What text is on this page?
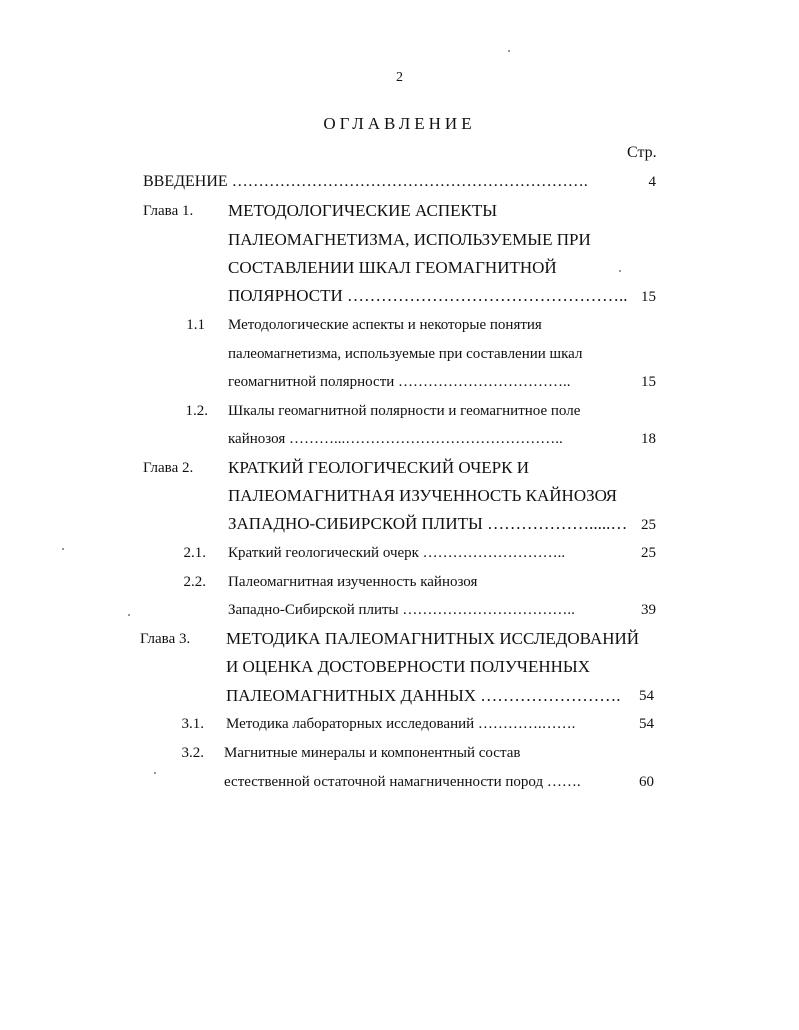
2
ОГЛАВЛЕНИЕ
Стр.
ВВЕДЕНИЕ ………………………………………………………….	4
Глава 1. МЕТОДОЛОГИЧЕСКИЕ АСПЕКТЫ
ПАЛЕОМАГНЕТИЗМА, ИСПОЛЬЗУЕМЫЕ ПРИ
СОСТАВЛЕНИИ ШКАЛ ГЕОМАГНИТНОЙ
ПОЛЯРНОСТИ ………………………………………….. 15
1.1 Методологические аспекты и некоторые понятия
палеомагнетизма, используемые при составлении шкал
геомагнитной полярности ……………………………..	15
1.2. Шкалы геомагнитной полярности и геомагнитное поле
кайнозоя ………...……………………………………..	18
Глава 2. КРАТКИЙ ГЕОЛОГИЧЕСКИЙ ОЧЕРК И
ПАЛЕОМАГНИТНАЯ ИЗУЧЕННОСТЬ КАЙНОЗОЯ
ЗАПАДНО-СИБИРСКОЙ ПЛИТЫ ……………….....… 25
2.1. Краткий геологический очерк ………………………..	25
2.2. Палеомагнитная изученность кайнозоя
Западно-Сибирской плиты ……………………………..	39
Глава 3. МЕТОДИКА ПАЛЕОМАГНИТНЫХ ИССЛЕДОВАНИЙ
И ОЦЕНКА ДОСТОВЕРНОСТИ ПОЛУЧЕННЫХ
ПАЛЕОМАГНИТНЫХ ДАННЫХ …………………….	54
3.1. Методика лабораторных исследований ………….…….	54
3.2. Магнитные минералы и компонентный состав
естественной остаточной намагниченности пород …….	60
